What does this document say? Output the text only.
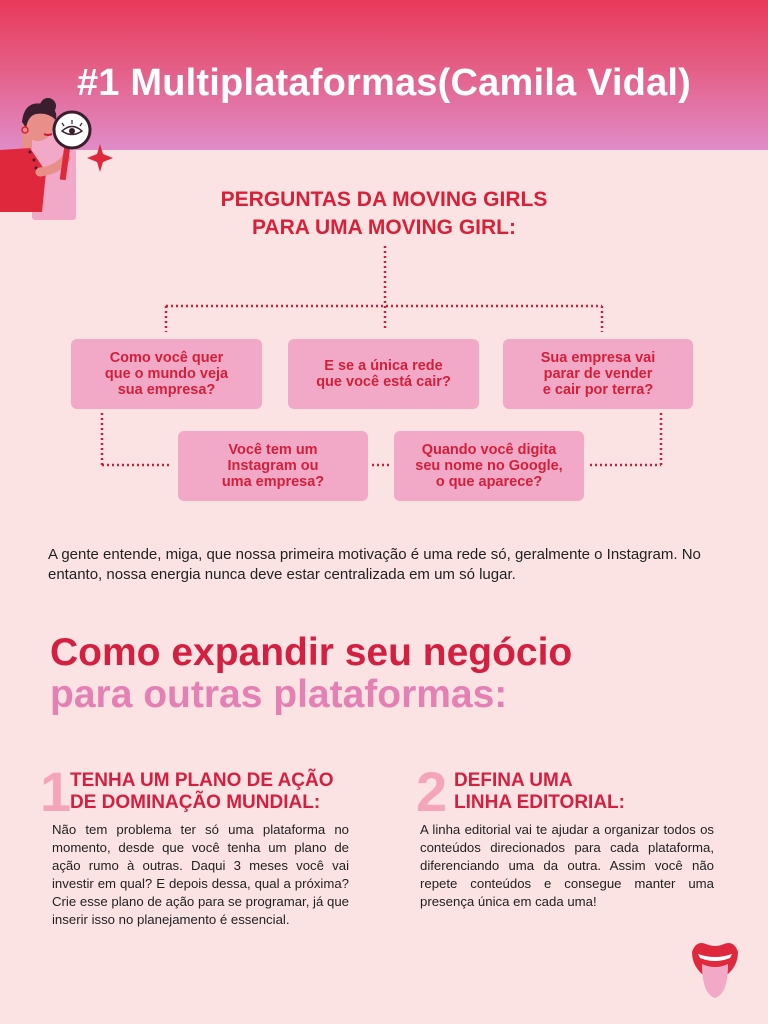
#1 Multiplataformas(Camila Vidal)
PERGUNTAS DA MOVING GIRLS
PARA UMA MOVING GIRL:
Como você quer
que o mundo veja
sua empresa?
E se a única rede
que você está cair?
Sua empresa vai
parar de vender
e cair por terra?
Você tem um
Instagram ou
uma empresa?
Quando você digita
seu nome no Google,
o que aparece?
A gente entende, miga, que nossa primeira motivação é uma rede só, geralmente o Instagram. No entanto, nossa energia nunca deve estar centralizada em um só lugar.
Como expandir seu negócio
para outras plataformas:
1
TENHA UM PLANO DE AÇÃO
DE DOMINAÇÃO MUNDIAL:
Não tem problema ter só uma plataforma no momento, desde que você tenha um plano de ação rumo à outras. Daqui 3 meses você vai investir em qual? E depois dessa, qual a próxima? Crie esse plano de ação para se programar, já que inserir isso no planejamento é essencial.
2 DEFINA UMA
LINHA EDITORIAL:
A linha editorial vai te ajudar a organizar todos os conteúdos direcionados para cada plataforma, diferenciando uma da outra. Assim você não repete conteúdos e consegue manter uma presença única em cada uma!
